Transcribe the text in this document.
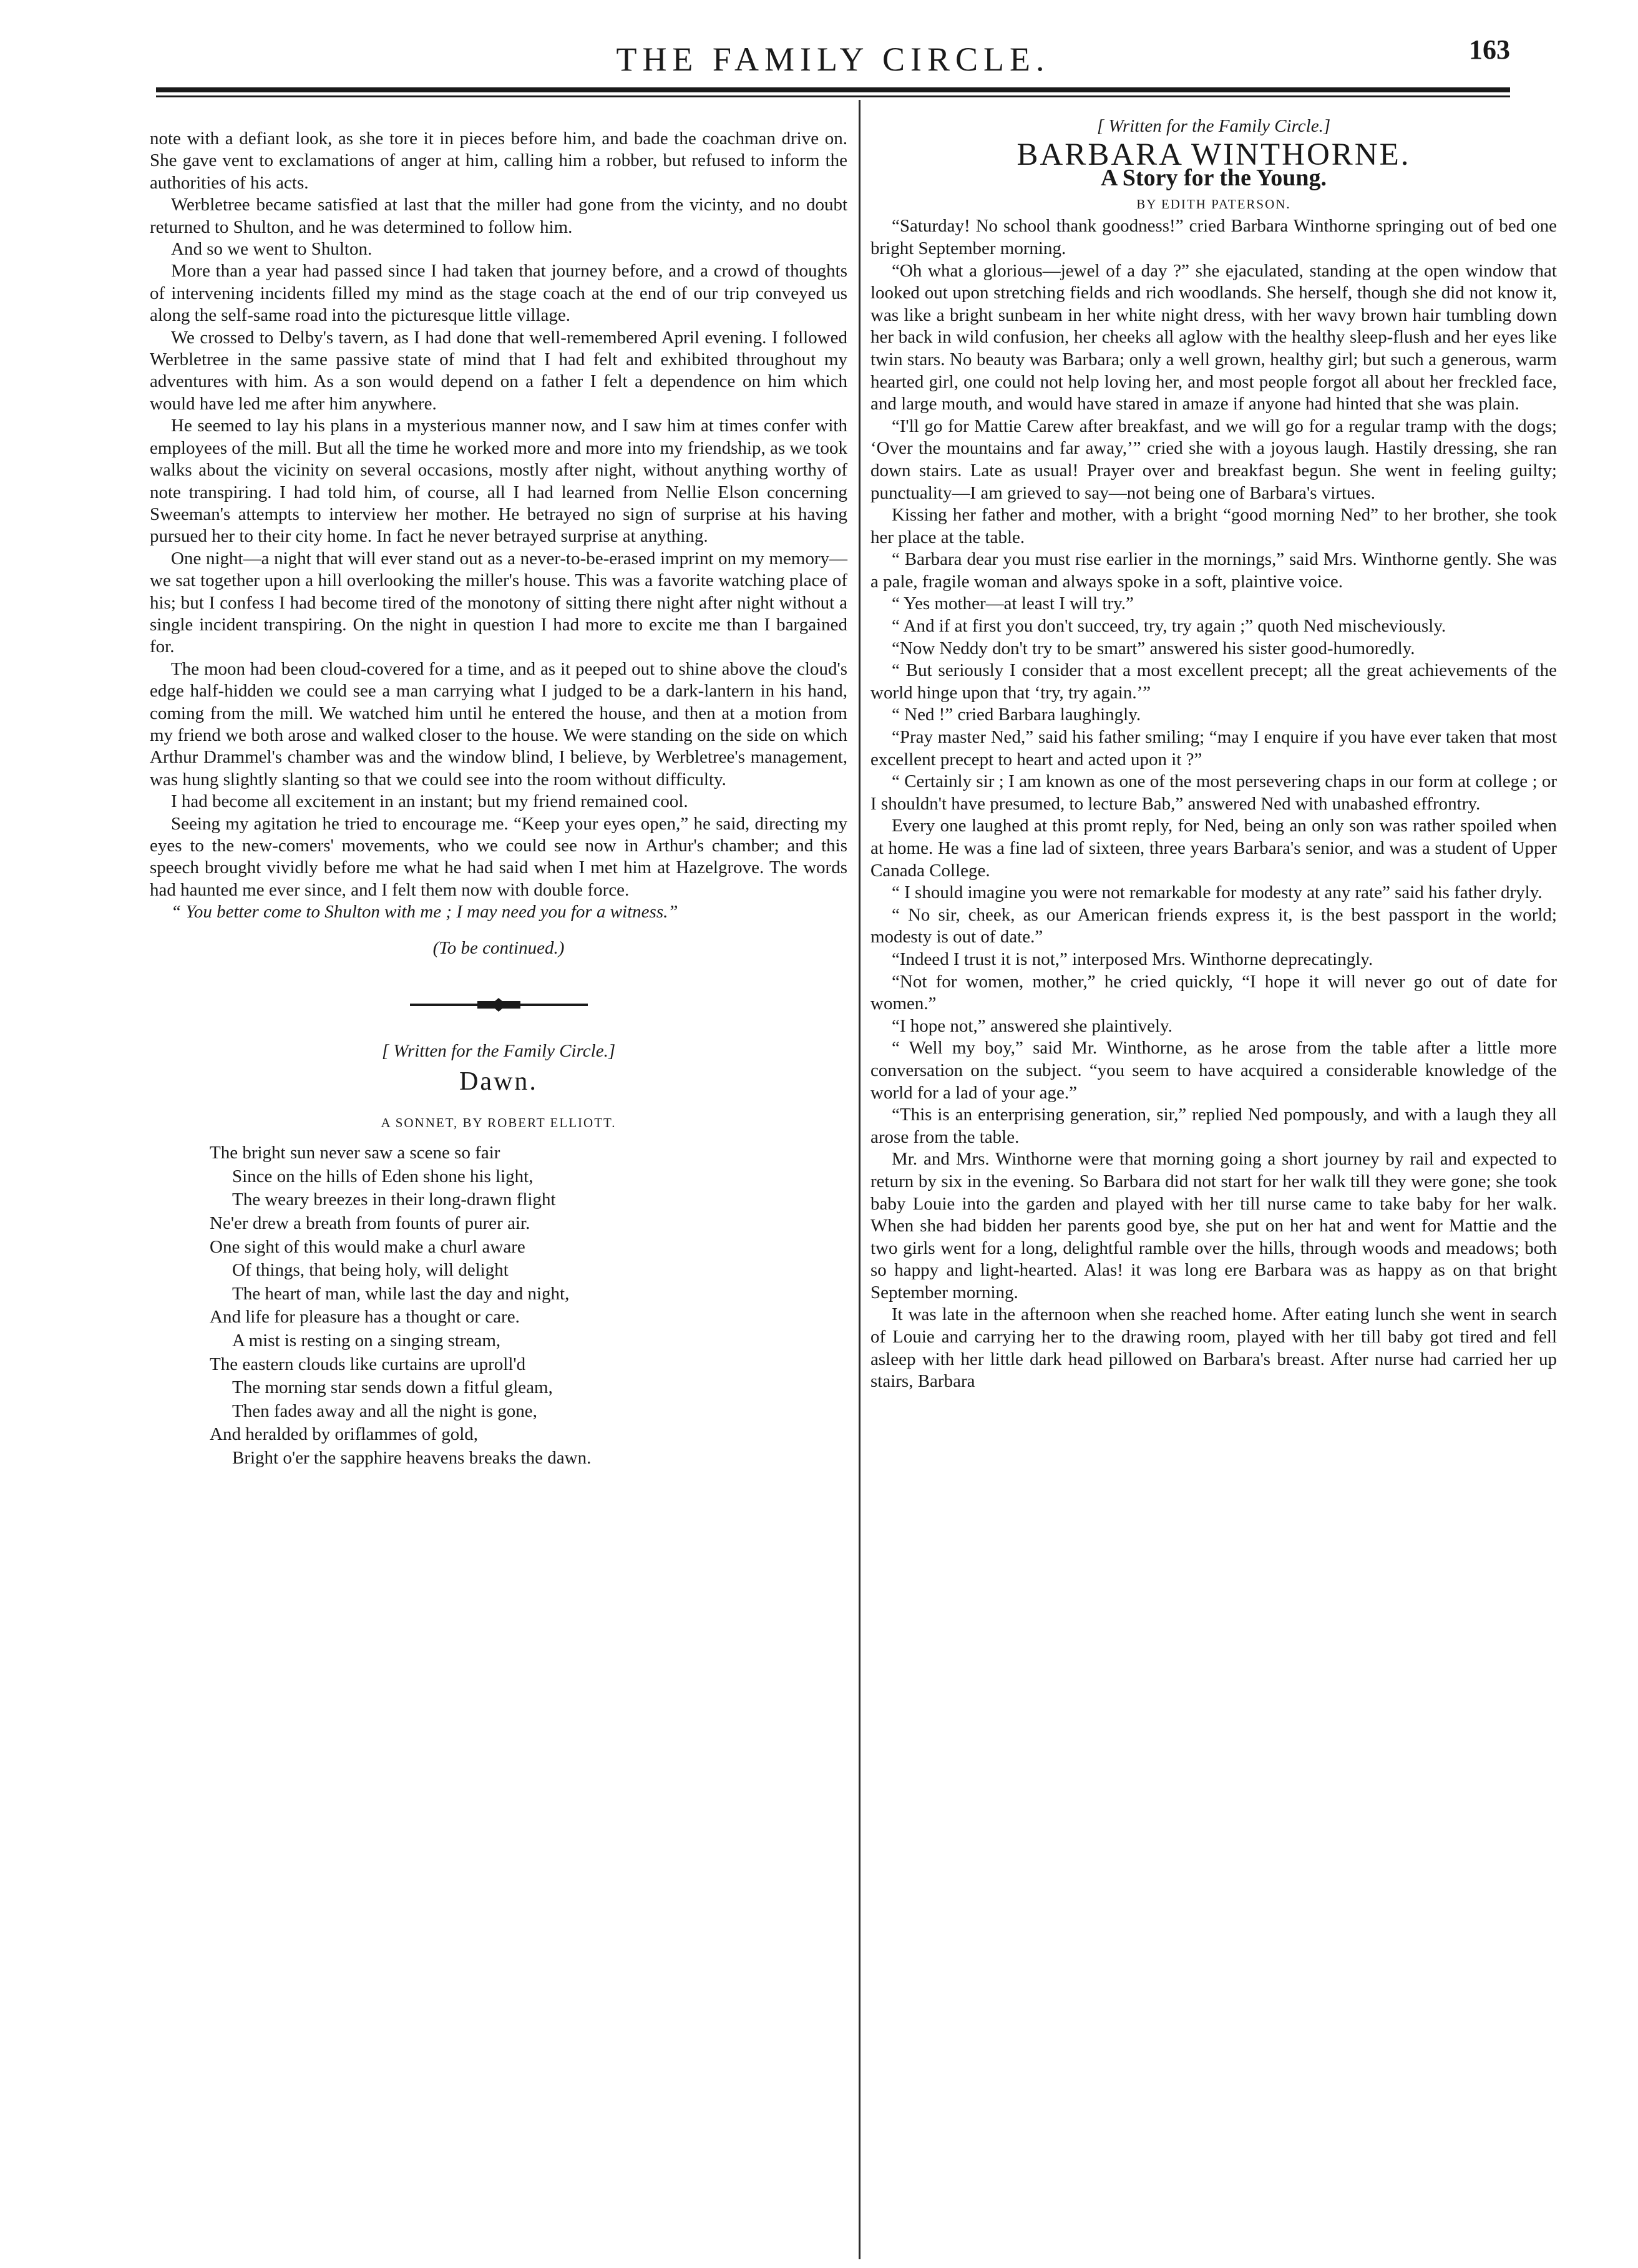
THE FAMILY CIRCLE.	163

note with a defiant look, as she tore it in pieces before him, and bade the coachman drive on. She gave vent to exclamations of anger at him, calling him a robber, but refused to inform the authorities of his acts.

Werbletree became satisfied at last that the miller had gone from the vicinty, and no doubt returned to Shulton, and he was determined to follow him.

And so we went to Shulton.

More than a year had passed since I had taken that journey before, and a crowd of thoughts of intervening incidents filled my mind as the stage coach at the end of our trip conveyed us along the self-same road into the picturesque little village.

We crossed to Delby's tavern, as I had done that well-remembered April evening. I followed Werbletree in the same passive state of mind that I had felt and exhibited throughout my adventures with him. As a son would depend on a father I felt a dependence on him which would have led me after him anywhere.

He seemed to lay his plans in a mysterious manner now, and I saw him at times confer with employees of the mill. But all the time he worked more and more into my friendship, as we took walks about the vicinity on several occasions, mostly after night, without anything worthy of note transpiring. I had told him, of course, all I had learned from Nellie Elson concerning Sweeman's attempts to interview her mother. He betrayed no sign of surprise at his having pursued her to their city home. In fact he never betrayed surprise at anything.

One night—a night that will ever stand out as a never-to-be-erased imprint on my memory—we sat together upon a hill overlooking the miller's house. This was a favorite watching place of his; but I confess I had become tired of the monotony of sitting there night after night without a single incident transpiring. On the night in question I had more to excite me than I bargained for.

The moon had been cloud-covered for a time, and as it peeped out to shine above the cloud's edge half-hidden we could see a man carrying what I judged to be a dark-lantern in his hand, coming from the mill. We watched him until he entered the house, and then at a motion from my friend we both arose and walked closer to the house. We were standing on the side on which Arthur Drammel's chamber was and the window blind, I believe, by Werbletree's management, was hung slightly slanting so that we could see into the room without difficulty.

I had become all excitement in an instant; but my friend remained cool.

Seeing my agitation he tried to encourage me. “Keep your eyes open,” he said, directing my eyes to the new-comers' movements, who we could see now in Arthur's chamber; and this speech brought vividly before me what he had said when I met him at Hazelgrove. The words had haunted me ever since, and I felt them now with double force.

“ You better come to Shulton with me ; I may need you for a witness.”

(To be continued.)

[ Written for the Family Circle.]

Dawn.

A SONNET, BY ROBERT ELLIOTT.

The bright sun never saw a scene so fair
Since on the hills of Eden shone his light,
The weary breezes in their long-drawn flight
Ne'er drew a breath from founts of purer air.
One sight of this would make a churl aware
Of things, that being holy, will delight
The heart of man, while last the day and night,
And life for pleasure has a thought or care.
A mist is resting on a singing stream,
The eastern clouds like curtains are uproll'd
The morning star sends down a fitful gleam,
Then fades away and all the night is gone,
And heralded by oriflammes of gold,
Bright o'er the sapphire heavens breaks the dawn.
[ Written for the Family Circle.]
BARBARA WINTHORNE.
A Story for the Young.
BY EDITH PATERSON.

“Saturday! No school thank goodness!” cried Barbara Winthorne springing out of bed one bright September morning.

“Oh what a glorious—jewel of a day ?” she ejaculated, standing at the open window that looked out upon stretching fields and rich woodlands. She herself, though she did not know it, was like a bright sunbeam in her white night dress, with her wavy brown hair tumbling down her back in wild confusion, her cheeks all aglow with the healthy sleep-flush and her eyes like twin stars. No beauty was Barbara; only a well grown, healthy girl; but such a generous, warm hearted girl, one could not help loving her, and most people forgot all about her freckled face, and large mouth, and would have stared in amaze if anyone had hinted that she was plain.

“I'll go for Mattie Carew after breakfast, and we will go for a regular tramp with the dogs; ‘Over the mountains and far away,’” cried she with a joyous laugh. Hastily dressing, she ran down stairs. Late as usual! Prayer over and breakfast begun. She went in feeling guilty; punctuality—I am grieved to say—not being one of Barbara's virtues.

Kissing her father and mother, with a bright “good morning Ned” to her brother, she took her place at the table.

“ Barbara dear you must rise earlier in the mornings,” said Mrs. Winthorne gently. She was a pale, fragile woman and always spoke in a soft, plaintive voice.

“ Yes mother—at least I will try.”

“ And if at first you don't succeed, try, try again ;” quoth Ned mischeviously.

“Now Neddy don't try to be smart” answered his sister good-humoredly.

“ But seriously I consider that a most excellent precept; all the great achievements of the world hinge upon that ‘try, try again.’”

“ Ned !” cried Barbara laughingly.

“Pray master Ned,” said his father smiling; “may I enquire if you have ever taken that most excellent precept to heart and acted upon it ?”

“ Certainly sir ; I am known as one of the most persevering chaps in our form at college ; or I shouldn't have presumed, to lecture Bab,” answered Ned with unabashed effrontry.

Every one laughed at this promt reply, for Ned, being an only son was rather spoiled when at home. He was a fine lad of sixteen, three years Barbara's senior, and was a student of Upper Canada College.

“ I should imagine you were not remarkable for modesty at any rate” said his father dryly.

“ No sir, cheek, as our American friends express it, is the best passport in the world; modesty is out of date.”

“Indeed I trust it is not,” interposed Mrs. Winthorne deprecatingly.

“Not for women, mother,” he cried quickly, “I hope it will never go out of date for women.”

“I hope not,” answered she plaintively.

“ Well my boy,” said Mr. Winthorne, as he arose from the table after a little more conversation on the subject. “you seem to have acquired a considerable knowledge of the world for a lad of your age.”

“This is an enterprising generation, sir,” replied Ned pompously, and with a laugh they all arose from the table.

Mr. and Mrs. Winthorne were that morning going a short journey by rail and expected to return by six in the evening. So Barbara did not start for her walk till they were gone; she took baby Louie into the garden and played with her till nurse came to take baby for her walk. When she had bidden her parents good bye, she put on her hat and went for Mattie and the two girls went for a long, delightful ramble over the hills, through woods and meadows; both so happy and light-hearted. Alas! it was long ere Barbara was as happy as on that bright September morning.

It was late in the afternoon when she reached home. After eating lunch she went in search of Louie and carrying her to the drawing room, played with her till baby got tired and fell asleep with her little dark head pillowed on Barbara's breast. After nurse had carried her up stairs, Barbara
